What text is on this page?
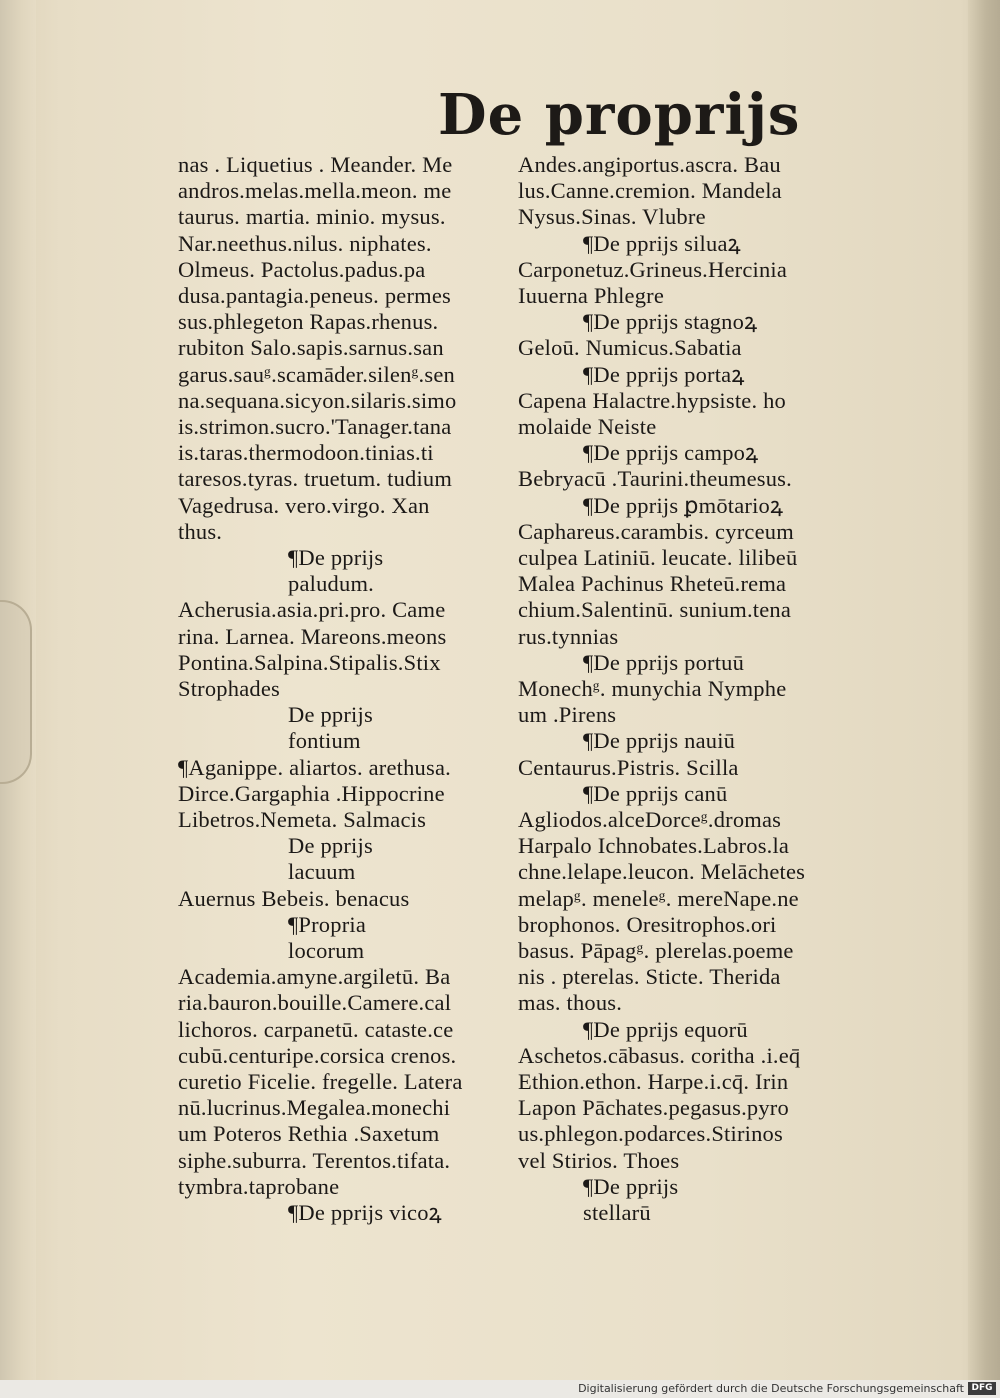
De proprijs
nas . Liquetius . Meander. Me
andros.melas.mella.meon. me
taurus. martia. minio. mysus.
Nar.neethus.nilus. niphates.
Olmeus. Pactolus.padus.pa
dusa.pantagia.peneus. permes
sus.phlegeton Rapas.rhenus.
rubiton Salo.sapis.sarnus.san
garus.sauᵍ.scamāder.silenᵍ.sen
na.sequana.sicyon.silaris.simo
is.strimon.sucro.'Tanager.tana
is.taras.thermodoon.tinias.ti
taresos.tyras. truetum. tudium
Vagedrusa. vero.virgo. Xan
thus.
¶De pprijs
paludum.
Acherusia.asia.pri.pro. Came
rina. Larnea. Mareons.meons
Pontina.Salpina.Stipalis.Stix
Strophades
De pprijs
fontium
¶Aganippe. aliartos. arethusa.
Dirce.Gargaphia .Hippocrine
Libetros.Nemeta. Salmacis
De pprijs
lacuum
Auernus Bebeis. benacus
¶Propria
locorum
Academia.amyne.argiletū. Ba
ria.bauron.bouille.Camere.cal
lichoros. carpanetū. cataste.ce
cubū.centuripe.corsica crenos.
curetio Ficelie. fregelle. Latera
nū.lucrinus.Megalea.monechi
um Poteros Rethia .Saxetum
siphe.suburra. Terentos.tifata.
tymbra.taprobane
¶De pprijs vicoꝝ
Andes.angiportus.ascra. Bau
lus.Canne.cremion. Mandela
Nysus.Sinas. Vlubre
¶De pprijs siluaꝝ
Carponetuz.Grineus.Hercinia
Iuuerna Phlegre
¶De pprijs stagnoꝝ
Geloū. Numicus.Sabatia
¶De pprijs portaꝝ
Capena Halactre.hypsiste. ho
molaide Neiste
¶De pprijs campoꝝ
Bebryacū .Taurini.theumesus.
¶De pprijs ꝑmōtarioꝝ
Caphareus.carambis. cyrceum
culpea Latiniū. leucate. lilibeū
Malea Pachinus Rheteū.rema
chium.Salentinū. sunium.tena
rus.tynnias
¶De pprijs portuū
Monechᵍ. munychia Nymphe
um .Pirens
¶De pprijs nauiū
Centaurus.Pistris. Scilla
¶De pprijs canū
Agliodos.alceDorceᵍ.dromas
Harpalo Ichnobates.Labros.la
chne.lelape.leucon. Melāchetes
melapᵍ. meneleᵍ. mereNape.ne
brophonos. Oresitrophos.ori
basus. Pāpagᵍ. plerelas.poeme
nis . pterelas. Sticte. Therida
mas. thous.
¶De pprijs equorū
Aschetos.cābasus. coritha .i.eq̄
Ethion.ethon. Harpe.i.cq̄. Irin
Lapon Pāchates.pegasus.pyro
us.phlegon.podarces.Stirinos
vel Stirios. Thoes
¶De pprijs
stellarū
Digitalisierung gefördert durch die Deutsche Forschungsgemeinschaft DFG
